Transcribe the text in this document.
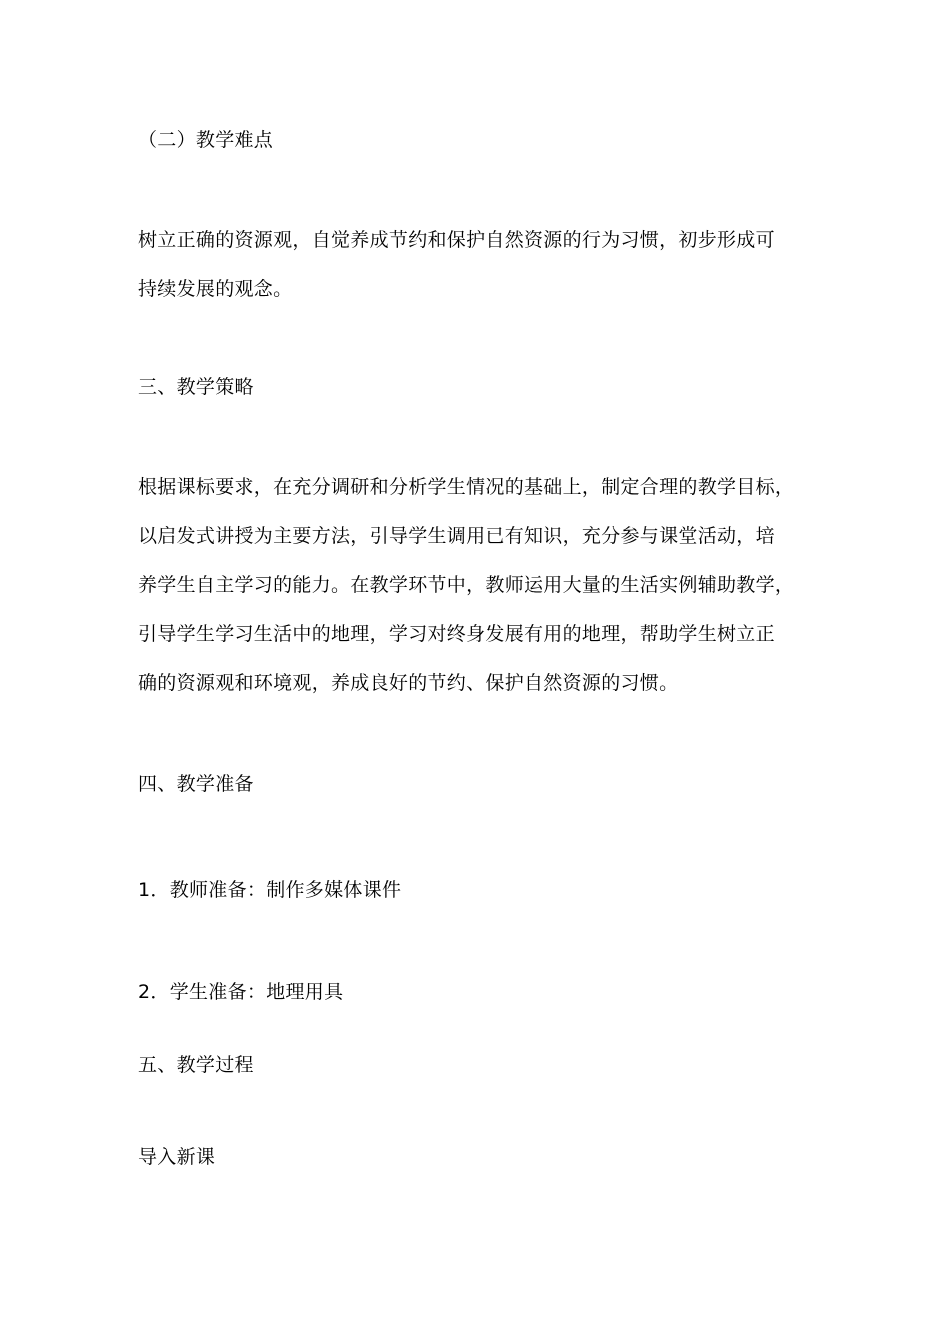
（二）教学难点

树立正确的资源观，自觉养成节约和保护自然资源的行为习惯，初步形成可
持续发展的观念。

三、教学策略

根据课标要求，在充分调研和分析学生情况的基础上，制定合理的教学目标，
以启发式讲授为主要方法，引导学生调用已有知识，充分参与课堂活动，培
养学生自主学习的能力。在教学环节中，教师运用大量的生活实例辅助教学，
引导学生学习生活中的地理，学习对终身发展有用的地理，帮助学生树立正
确的资源观和环境观，养成良好的节约、保护自然资源的习惯。

四、教学准备

1．教师准备：制作多媒体课件

2．学生准备：地理用具

五、教学过程

导入新课
